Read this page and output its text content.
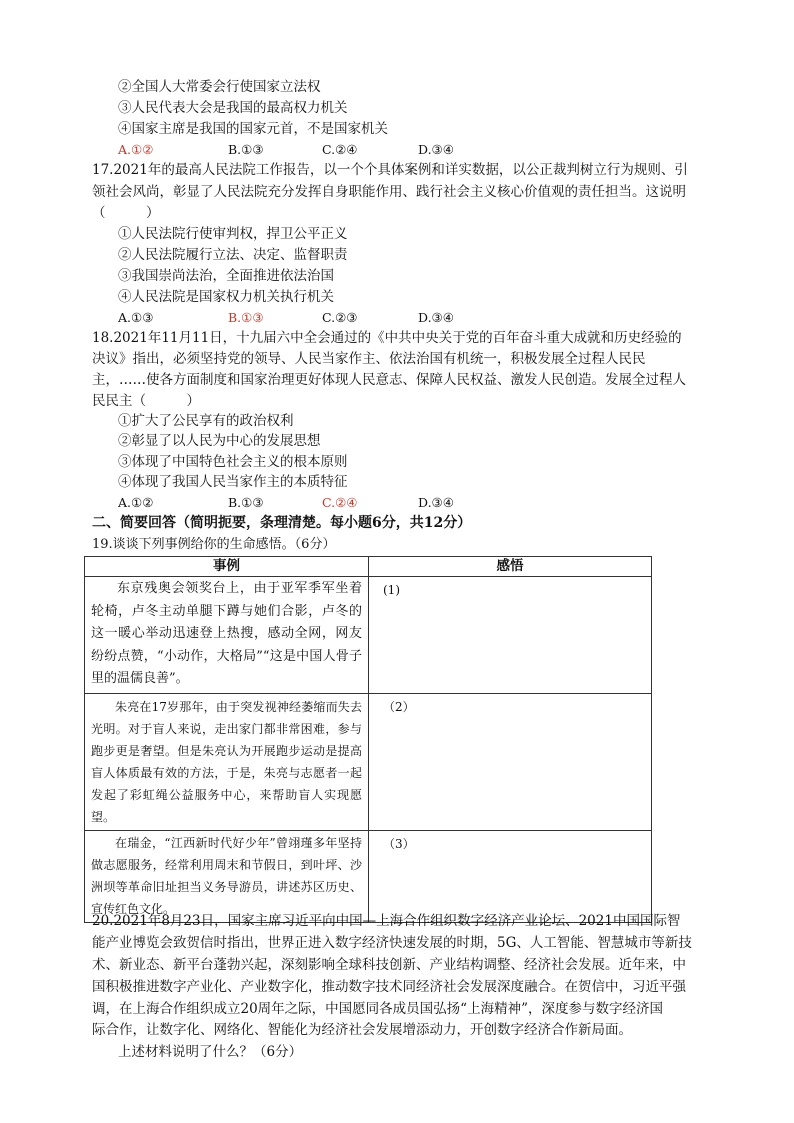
②全国人大常委会行使国家立法权
③人民代表大会是我国的最高权力机关
④国家主席是我国的国家元首，不是国家机关
A.①②	B.①③	C.②④	D.③④
17.2021年的最高人民法院工作报告，以一个个具体案例和详实数据，以公正裁判树立行为规则、引
领社会风尚，彰显了人民法院充分发挥自身职能作用、践行社会主义核心价值观的责任担当。这说明
（　　　）
①人民法院行使审判权，捍卫公平正义
②人民法院履行立法、决定、监督职责
③我国崇尚法治，全面推进依法治国
④人民法院是国家权力机关执行机关
A.①③	B.①③	C.②③	D.③④
18.2021年11月11日，十九届六中全会通过的《中共中央关于党的百年奋斗重大成就和历史经验的
决议》指出，必须坚持党的领导、人民当家作主、依法治国有机统一，积极发展全过程人民民
主，……使各方面制度和国家治理更好体现人民意志、保障人民权益、激发人民创造。发展全过程人
民民主（　　　）
①扩大了公民享有的政治权利
②彰显了以人民为中心的发展思想
③体现了中国特色社会主义的根本原则
④体现了我国人民当家作主的本质特征
A.①②	B.①③	C.②④	D.③④
二、简要回答（简明扼要，条理清楚。每小题6分，共12分）
19.谈谈下列事例给你的生命感悟。（6分）
事例	感悟

东京残奥会领奖台上，由于亚军季军坐着轮椅，卢冬主动单腿下蹲与她们合影，卢冬的这一暖心举动迅速登上热搜，感动全网，网友纷纷点赞，“小动作，大格局”“这是中国人骨子里的温儒良善”。	(1)

朱亮在17岁那年，由于突发视神经萎缩而失去光明。对于盲人来说，走出家门都非常困难，参与跑步更是奢望。但是朱亮认为开展跑步运动是提高盲人体质最有效的方法，于是，朱亮与志愿者一起发起了彩虹绳公益服务中心，来帮助盲人实现愿望。	（2）

在瑞金，“江西新时代好少年”曾翊瑾多年坚持做志愿服务，经常利用周末和节假日，到叶坪、沙洲坝等革命旧址担当义务导游员，讲述苏区历史、宣传红色文化。	（3）
20.2021年8月23日，国家主席习近平向中国—上海合作组织数字经济产业论坛、2021中国国际智
能产业博览会致贺信时指出，世界正进入数字经济快速发展的时期，5G、人工智能、智慧城市等新技
术、新业态、新平台蓬勃兴起，深刻影响全球科技创新、产业结构调整、经济社会发展。近年来，中
国积极推进数字产业化、产业数字化，推动数字技术同经济社会发展深度融合。在贺信中，习近平强
调，在上海合作组织成立20周年之际，中国愿同各成员国弘扬“上海精神”，深度参与数字经济国
际合作，让数字化、网络化、智能化为经济社会发展增添动力，开创数字经济合作新局面。
上述材料说明了什么？（6分）
